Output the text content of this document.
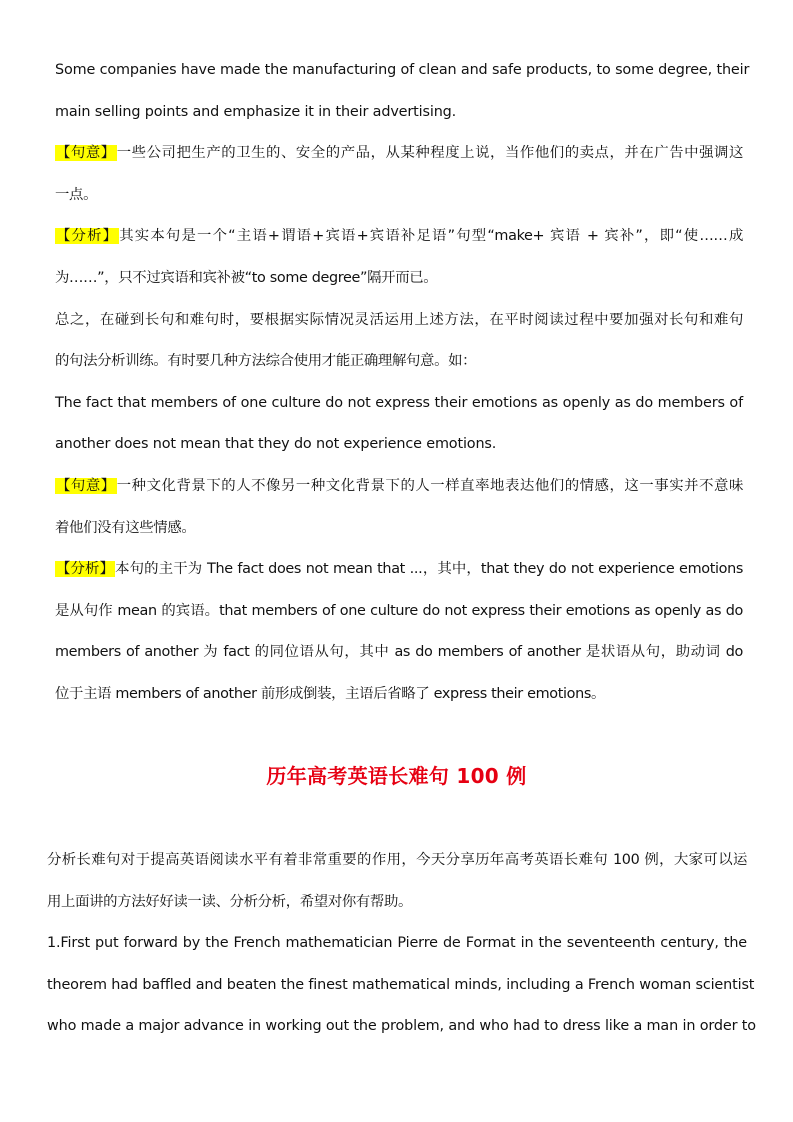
Some companies have made the manufacturing of clean and safe products, to some degree, their
main selling points and emphasize it in their advertising.
【句意】一些公司把生产的卫生的、安全的产品，从某种程度上说，当作他们的卖点，并在广告中强调这
一点。
【分析】其实本句是一个“主语+谓语+宾语+宾语补足语”句型“make+ 宾语 + 宾补”，即“使……成
为……”，只不过宾语和宾补被“to some degree”隔开而已。
总之，在碰到长句和难句时，要根据实际情况灵活运用上述方法，在平时阅读过程中要加强对长句和难句
的句法分析训练。有时要几种方法综合使用才能正确理解句意。如：
The fact that members of one culture do not express their emotions as openly as do members of
another does not mean that they do not experience emotions.
【句意】一种文化背景下的人不像另一种文化背景下的人一样直率地表达他们的情感，这一事实并不意味
着他们没有这些情感。
【分析】本句的主干为 The fact does not mean that ...，其中，that they do not experience emotions
是从句作 mean 的宾语。that members of one culture do not express their emotions as openly as do
members of another 为 fact 的同位语从句，其中 as do members of another 是状语从句，助动词 do
位于主语 members of another 前形成倒装，主语后省略了 express their emotions。
历年高考英语长难句 100 例
分析长难句对于提高英语阅读水平有着非常重要的作用，今天分享历年高考英语长难句 100 例，大家可以运
用上面讲的方法好好读一读、分析分析，希望对你有帮助。
1.First put forward by the French mathematician Pierre de Format in the seventeenth century, the
theorem had baffled and beaten the finest mathematical minds, including a French woman scientist
who made a major advance in working out the problem, and who had to dress like a man in order to
